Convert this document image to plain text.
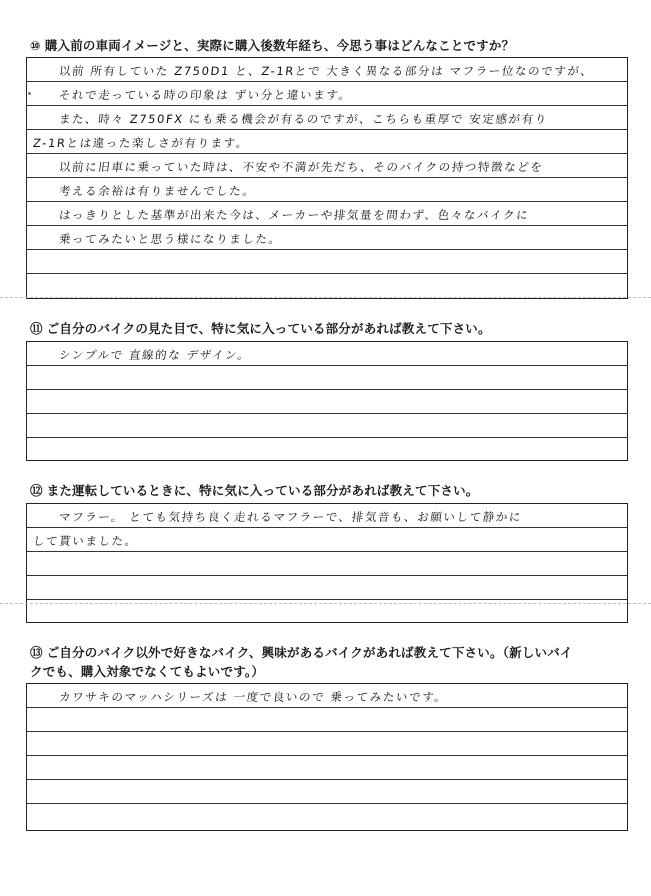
⑩ 購入前の車両イメージと、実際に購入後数年経ち、今思う事はどんなことですか？
以前 所有していた Z750D1 と、Z-1Rとで 大きく異なる部分は マフラー位なのですが、
それで走っている時の印象は ずい分と違います。
また、時々 Z750FX にも乗る機会が有るのですが、こちらも重厚で 安定感が有り
Z-1Rとは違った楽しさが有ります。
以前に旧車に乗っていた時は、不安や不満が先だち、そのバイクの持つ特徴などを
考える余裕は有りませんでした。
はっきりとした基準が出来た今は、メーカーや排気量を問わず、色々なバイクに
乗ってみたいと思う様になりました。
⑪ ご自分のバイクの見た目で、特に気に入っている部分があれば教えて下さい。
シンプルで 直線的な デザイン。
⑫ また運転しているときに、特に気に入っている部分があれば教えて下さい。
マフラー。 とても気持ち良く走れるマフラーで、排気音も、お願いして静かに
して貰いました。
⑬ ご自分のバイク以外で好きなバイク、興味があるバイクがあれば教えて下さい。（新しいバイ
クでも、購入対象でなくてもよいです。）
カワサキのマッハシリーズは 一度で良いので 乗ってみたいです。
